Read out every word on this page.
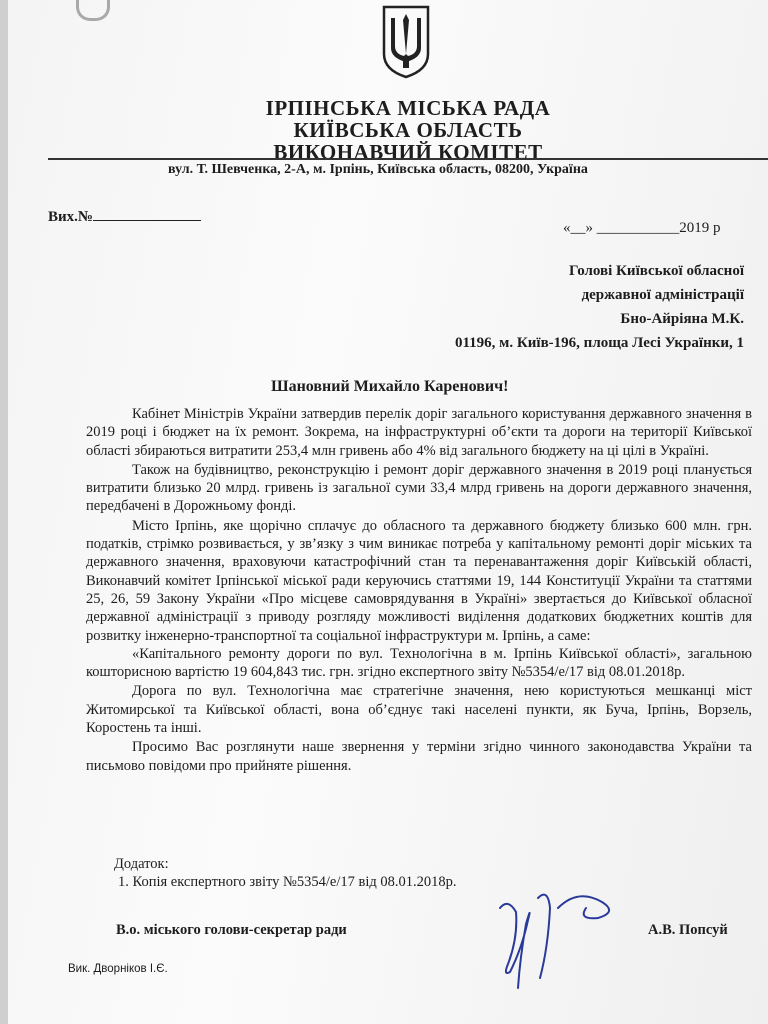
ІРПІНСЬКА МІСЬКА РАДА
КИЇВСЬКА ОБЛАСТЬ
ВИКОНАВЧИЙ КОМІТЕТ
вул. Т. Шевченка, 2-А, м. Ірпінь, Київська область, 08200, Україна
Вих.№
«__» ___________2019 р
Голові Київської обласної
державної адміністрації
Бно-Айріяна М.К.
01196, м. Київ-196, площа Лесі Українки, 1
Шановний Михайло Каренович!

Кабінет Міністрів України затвердив перелік доріг загального користування державного значення в 2019 році і бюджет на їх ремонт. Зокрема, на інфраструктурні об’єкти та дороги на території Київської області збираються витратити 253,4 млн гривень або 4% від загального бюджету на ці цілі в Україні.

Також на будівництво, реконструкцію і ремонт доріг державного значення в 2019 році планується витратити близько 20 млрд. гривень із загальної суми 33,4 млрд гривень на дороги державного значення, передбачені в Дорожньому фонді.

Місто Ірпінь, яке щорічно сплачує до обласного та державного бюджету близько 600 млн. грн. податків, стрімко розвивається, у зв’язку з чим виникає потреба у капітальному ремонті доріг міських та державного значення, враховуючи катастрофічний стан та перенавантаження доріг Київській області, Виконавчий комітет Ірпінської міської ради керуючись статтями 19, 144 Конституції України та статтями 25, 26, 59 Закону України «Про місцеве самоврядування в Україні» звертається до Київської обласної державної адміністрації з приводу розгляду можливості виділення додаткових бюджетних коштів для розвитку інженерно-транспортної та соціальної інфраструктури м. Ірпінь, а саме:

«Капітального ремонту дороги по вул. Технологічна в м. Ірпінь Київської області», загальною кошторисною вартістю 19 604,843 тис. грн. згідно експертного звіту №5354/е/17 від 08.01.2018р.

Дорога по вул. Технологічна має стратегічне значення, нею користуються мешканці міст Житомирської та Київської області, вона об’єднує такі населені пункти, як Буча, Ірпінь, Ворзель, Коростень та інші.

Просимо Вас розглянути наше звернення у терміни згідно чинного законодавства України та письмово повідоми про прийняте рішення.

Додаток:
1. Копія експертного звіту №5354/е/17 від 08.01.2018р.
В.о. міського голови-секретар ради	А.В. Попсуй
Вик. Дворніков І.Є.
